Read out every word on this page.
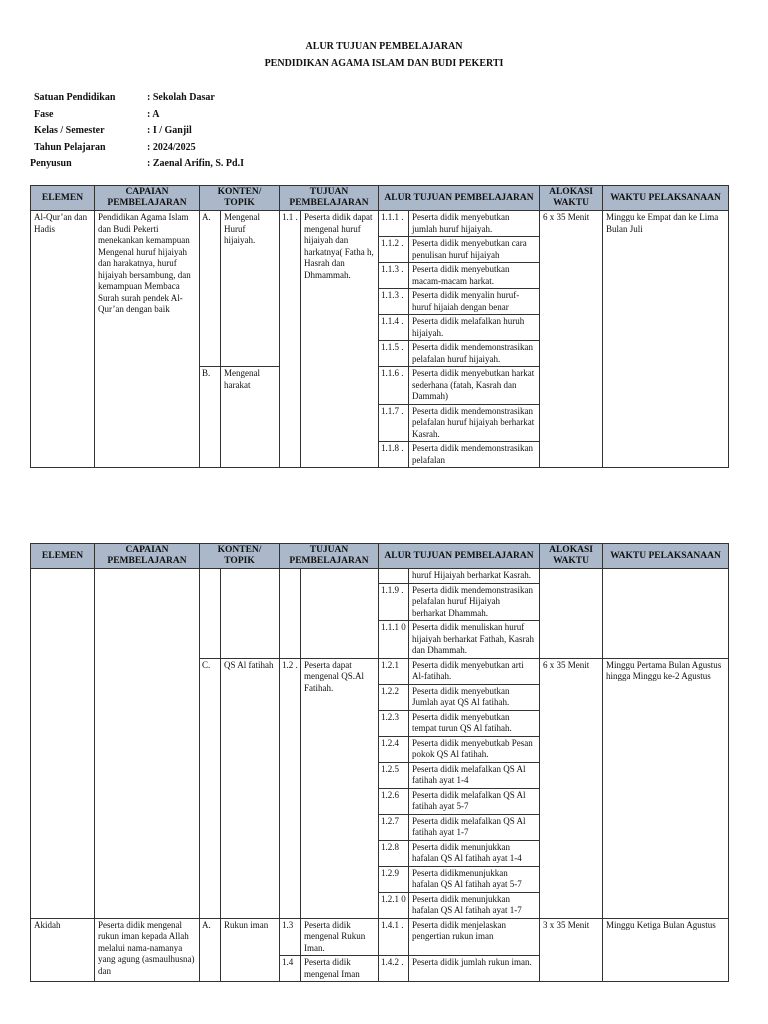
ALUR TUJUAN PEMBELAJARAN
PENDIDIKAN AGAMA ISLAM DAN BUDI PEKERTI
Satuan Pendidikan	: Sekolah Dasar
Fase	: A
Kelas / Semester	: I / Ganjil
Tahun Pelajaran	: 2024/2025
Penyusun	: Zaenal Arifin, S. Pd.I
ELEMEN	CAPAIAN PEMBELAJARAN	KONTEN/ TOPIK		TUJUAN PEMBELAJARAN		ALUR TUJUAN PEMBELAJARAN		ALOKASI WAKTU	WAKTU PELAKSANAAN
Al-Qur’an dan Hadis	Pendidikan Agama Islam dan Budi Pekerti menekankan kemampuan Mengenal huruf hijaiyah dan harakatnya, huruf hijaiyah bersambung, dan kemampuan Membaca Surah surah pendek Al-Qur’an dengan baik	A.	Mengenal Huruf hijaiyah.	1.1 .	Peserta didik dapat mengenal huruf hijaiyah dan harkatnya( Fatha h, Hasrah dan Dhmammah.	1.1.1 .	Peserta didik menyebutkan jumlah huruf hijaiyah.	6 x 35 Menit	Minggu ke Empat dan ke Lima Bulan Juli
						1.1.2 .	Peserta didik menyebutkan cara penulisan huruf hijaiyah		
						1.1.3 .	Peserta didik menyebutkan macam-macam harkat.		
						1.1.3 .	Peserta didik menyalin huruf-huruf hijaiah dengan benar		
						1.1.4 .	Peserta didik melafalkan huruh hijaiyah.		
						1.1.5 .	Peserta didik mendemonstrasikan pelafalan huruf hijaiyah.		
		B.	Mengenal harakat			1.1.6 .	Peserta didik menyebutkan harkat sederhana (fatah, Kasrah dan Dammah)		
						1.1.7 .	Peserta didik mendemonstrasikan pelafalan huruf hijaiyah berharkat Kasrah.		
						1.1.8 .	Peserta didik mendemonstrasikan pelafalan		
ELEMEN	CAPAIAN PEMBELAJARAN	KONTEN/ TOPIK		TUJUAN PEMBELAJARAN		ALUR TUJUAN PEMBELAJARAN		ALOKASI WAKTU	WAKTU PELAKSANAAN
							huruf Hijaiyah berharkat Kasrah.		
						1.1.9 .	Peserta didik mendemonstrasikan pelafalan huruf Hijaiyah berharkat Dhammah.		
						1.1.1 0	Peserta didik menuliskan huruf hijaiyah berharkat Fathah, Kasrah dan Dhammah.		
		C.	QS Al fatihah	1.2 .	Peserta dapat mengenal QS.Al Fatihah.	1.2.1	Peserta didik menyebutkan arti Al-fatihah.	6 x 35 Menit	Minggu Pertama Bulan Agustus hingga Minggu ke-2 Agustus
						1.2.2	Peserta didik menyebutkan Jumlah ayat QS Al fatihah.		
						1.2.3	Peserta didik menyebutkan tempat turun QS Al fatihah.		
						1.2.4	Peserta didik menyebutkab Pesan pokok QS Al fatihah.		
						1.2.5	Peserta didik melafalkan QS Al fatihah ayat 1-4		
						1.2.6	Peserta didik melafalkan QS Al fatihah ayat 5-7		
						1.2.7	Peserta didik melafalkan QS Al fatihah ayat 1-7		
						1.2.8	Peserta didik menunjukkan hafalan QS Al fatihah ayat 1-4		
						1.2.9	Peserta didikmenunjukkan hafalan QS Al fatihah ayat 5-7		
						1.2.1 0	Peserta didik menunjukkan hafalan QS Al fatihah ayat 1-7		
Akidah	Peserta didik mengenal rukun iman kepada Allah melalui nama-namanya yang agung (asmaulhusna) dan	A.	Rukun iman	1.3	Peserta didik mengenal Rukun Iman.	1.4.1 .	Peserta didik menjelaskan pengertian rukun iman	3 x 35 Menit	Minggu Ketiga Bulan Agustus
				1.4	Peserta didik mengenal Iman	1.4.2 .	Peserta didik jumlah rukun iman.		
